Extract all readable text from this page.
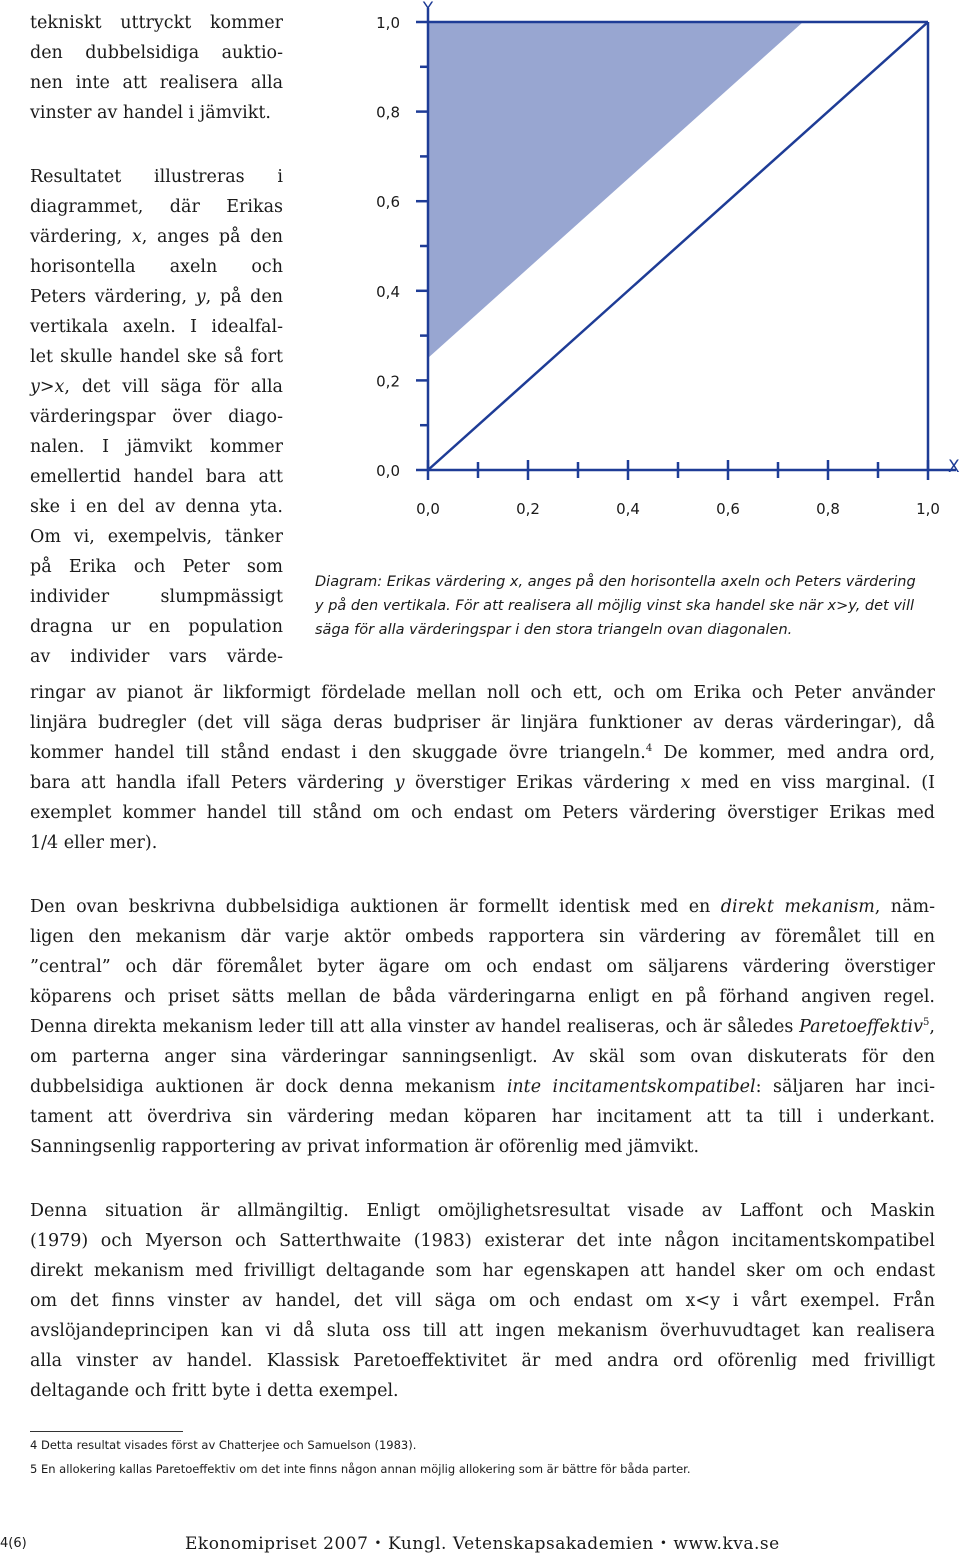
tekniskt uttryckt kommer
den dubbelsidiga auktio-
nen inte att realisera alla
vinster av handel i jämvikt.

Resultatet illustreras i
diagrammet, där Erikas
värdering, x, anges på den
horisontella axeln och
Peters värdering, y, på den
vertikala axeln. I idealfal-
let skulle handel ske så fort
y>x, det vill säga för alla
värderingspar över diago-
nalen. I jämvikt kommer
emellertid handel bara att
ske i en del av denna yta.
Om vi, exempelvis, tänker
på Erika och Peter som
individer slumpmässigt
dragna ur en population
av individer vars värde-

0,0
0,2
0,4
0,6
0,8
1,0
0,0	0,2	0,4	0,6	0,8	1,0
Y
X
Diagram: Erikas värdering x, anges på den horisontella axeln och Peters värdering
y på den vertikala. För att realisera all möjlig vinst ska handel ske när x>y, det vill
säga för alla värderingspar i den stora triangeln ovan diagonalen.

ringar av pianot är likformigt fördelade mellan noll och ett, och om Erika och Peter använder
linjära budregler (det vill säga deras budpriser är linjära funktioner av deras värderingar), då
kommer handel till stånd endast i den skuggade övre triangeln.$^4$ De kommer, med andra ord,
bara att handla ifall Peters värdering y överstiger Erikas värdering x med en viss marginal. (I
exemplet kommer handel till stånd om och endast om Peters värdering överstiger Erikas med
1/4 eller mer).

Den ovan beskrivna dubbelsidiga auktionen är formellt identisk med en direkt mekanism, näm-
ligen den mekanism där varje aktör ombeds rapportera sin värdering av föremålet till en
”central” och där föremålet byter ägare om och endast om säljarens värdering överstiger
köparens och priset sätts mellan de båda värderingarna enligt en på förhand angiven regel.
Denna direkta mekanism leder till att alla vinster av handel realiseras, och är således Paretoeffektiv$^5$,
om parterna anger sina värderingar sanningsenligt. Av skäl som ovan diskuterats för den
dubbelsidiga auktionen är dock denna mekanism inte incitamentskompatibel: säljaren har inci-
tament att överdriva sin värdering medan köparen har incitament att ta till i underkant.
Sanningsenlig rapportering av privat information är oförenlig med jämvikt.

Denna situation är allmängiltig. Enligt omöjlighetsresultat visade av Laffont och Maskin
(1979) och Myerson och Satterthwaite (1983) existerar det inte någon incitamentskompatibel
direkt mekanism med frivilligt deltagande som har egenskapen att handel sker om och endast
om det finns vinster av handel, det vill säga om och endast om x<y i vårt exempel. Från
avslöjandeprincipen kan vi då sluta oss till att ingen mekanism överhuvudtaget kan realisera
alla vinster av handel. Klassisk Paretoeffektivitet är med andra ord oförenlig med frivilligt
deltagande och fritt byte i detta exempel.

4 Detta resultat visades först av Chatterjee och Samuelson (1983).
5 En allokering kallas Paretoeffektiv om det inte finns någon annan möjlig allokering som är bättre för båda parter.
4(6)	Ekonomipriset 2007 • Kungl. Vetenskapsakademien • www.kva.se
